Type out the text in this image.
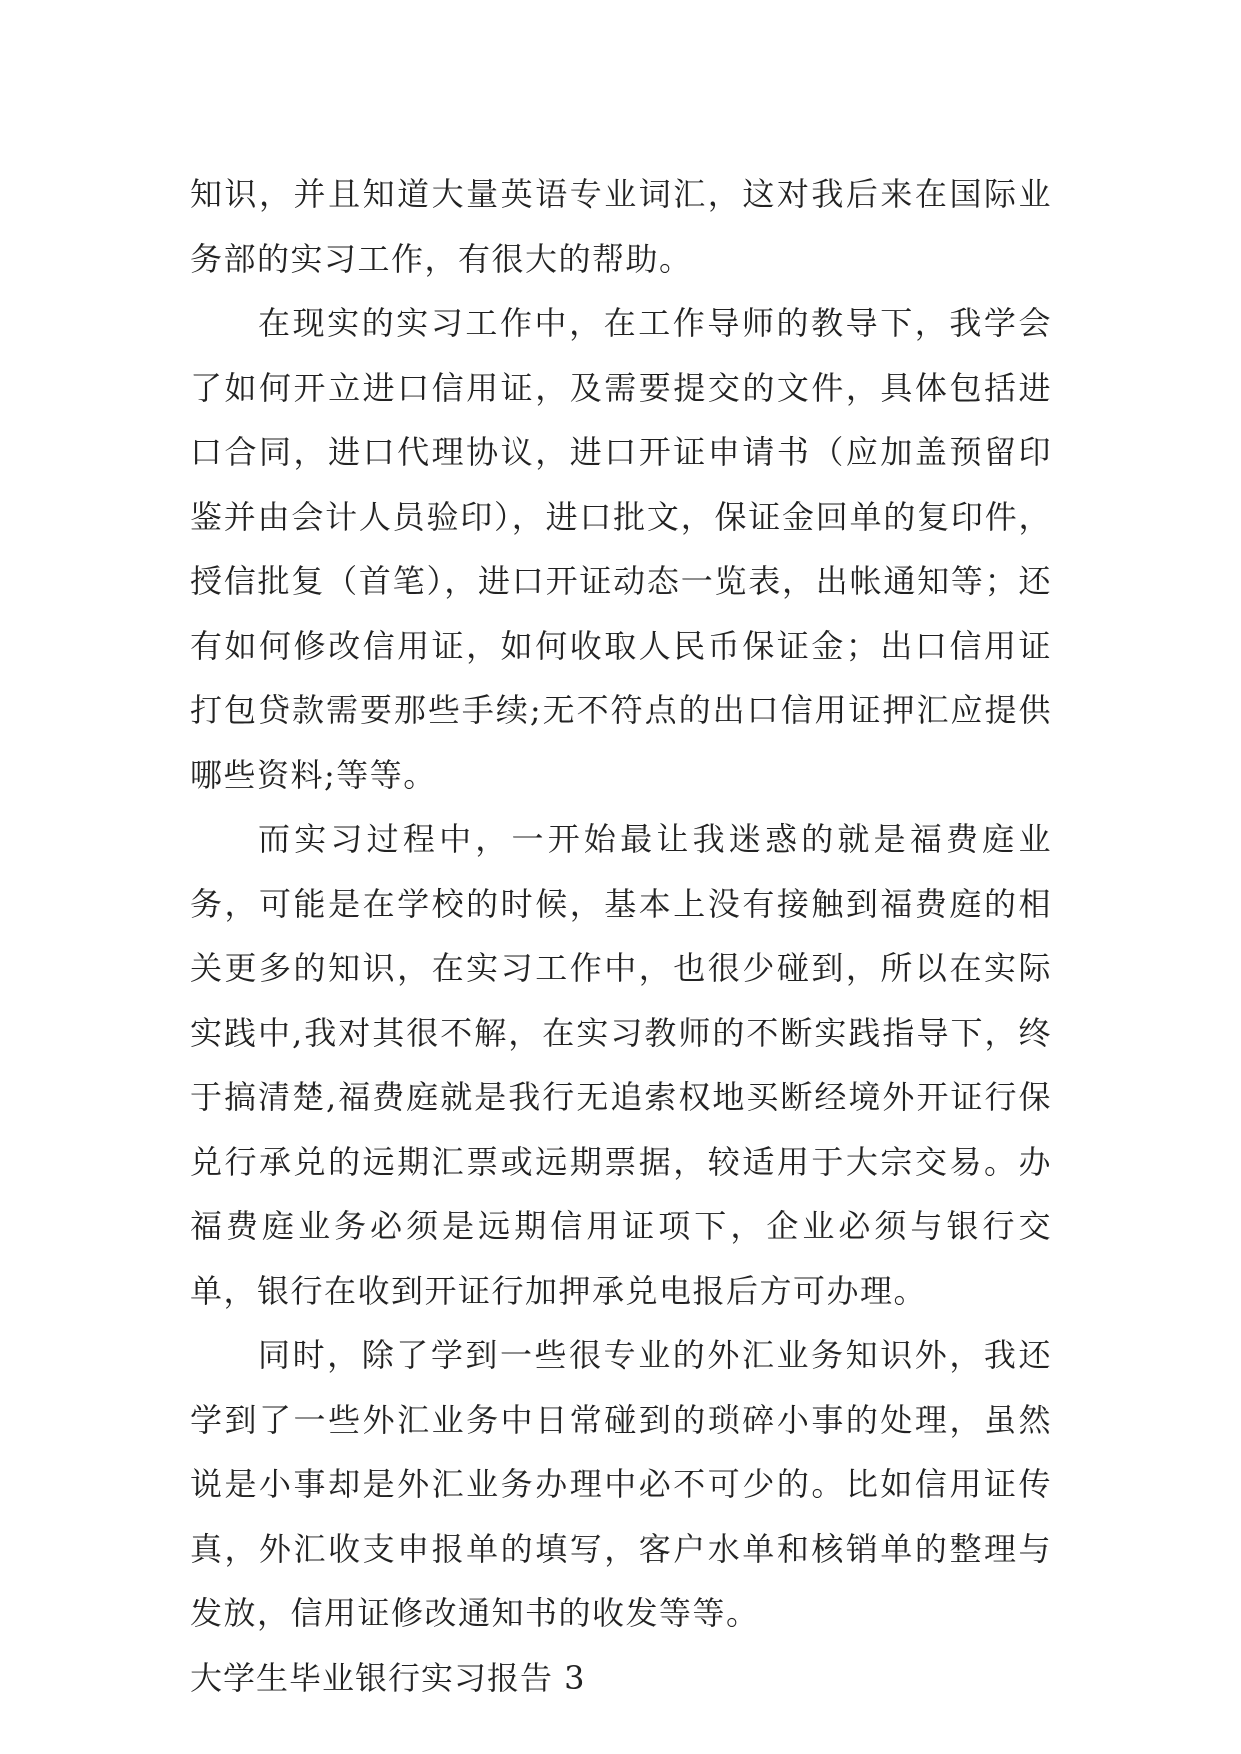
知识，并且知道大量英语专业词汇，这对我后来在国际业务部的实习工作，有很大的帮助。

在现实的实习工作中，在工作导师的教导下，我学会了如何开立进口信用证，及需要提交的文件，具体包括进口合同，进口代理协议，进口开证申请书（应加盖预留印鉴并由会计人员验印），进口批文，保证金回单的复印件，授信批复（首笔），进口开证动态一览表，出帐通知等；还有如何修改信用证，如何收取人民币保证金；出口信用证打包贷款需要那些手续;无不符点的出口信用证押汇应提供哪些资料;等等。

而实习过程中，一开始最让我迷惑的就是福费庭业务，可能是在学校的时候，基本上没有接触到福费庭的相关更多的知识，在实习工作中，也很少碰到，所以在实际实践中,我对其很不解，在实习教师的不断实践指导下，终于搞清楚,福费庭就是我行无追索权地买断经境外开证行保兑行承兑的远期汇票或远期票据，较适用于大宗交易。办福费庭业务必须是远期信用证项下，企业必须与银行交单，银行在收到开证行加押承兑电报后方可办理。

同时，除了学到一些很专业的外汇业务知识外，我还学到了一些外汇业务中日常碰到的琐碎小事的处理，虽然说是小事却是外汇业务办理中必不可少的。比如信用证传真，外汇收支申报单的填写，客户水单和核销单的整理与发放，信用证修改通知书的收发等等。

大学生毕业银行实习报告 3
